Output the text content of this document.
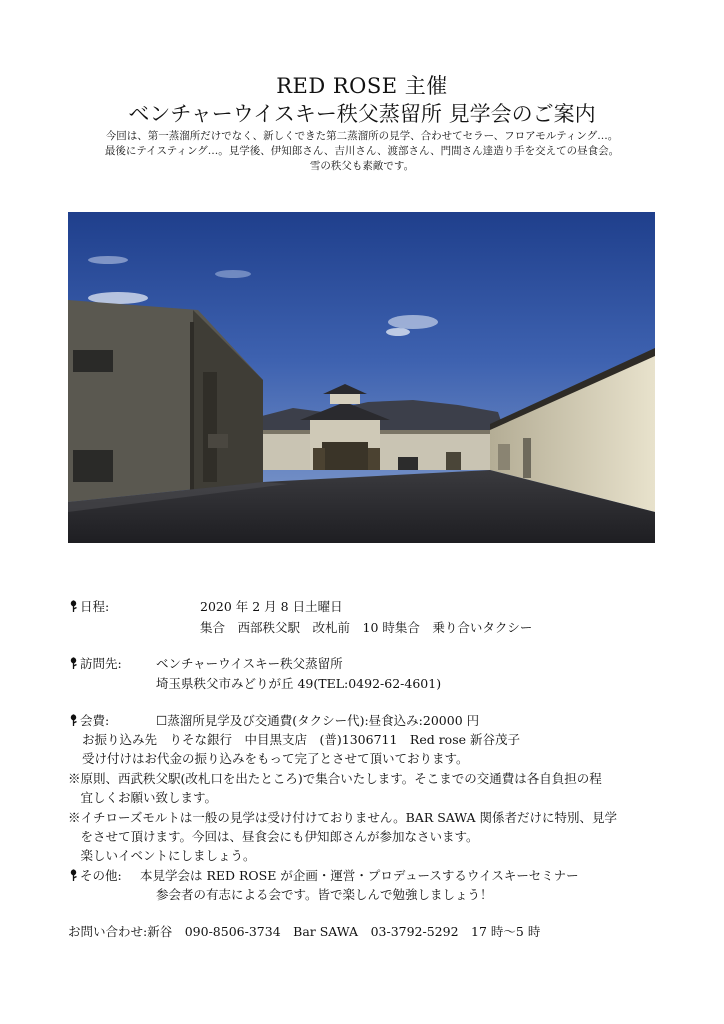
RED ROSE 主催
ベンチャーウイスキー秩父蒸留所 見学会のご案内
今回は、第一蒸溜所だけでなく、新しくできた第二蒸溜所の見学、合わせてセラー、フロアモルティング…。
最後にテイスティング…。見学後、伊知郎さん、吉川さん、渡部さん、門間さん達造り手を交えての昼食会。
雪の秩父も素敵です。
日程:	2020 年 2 月 8 日土曜日
集合　西部秩父駅　改札前　10 時集合　乗り合いタクシー
訪問先:	ベンチャーウイスキー秩父蒸留所
埼玉県秩父市みどりが丘 49(TEL:0492-62-4601)
会費:	☐蒸溜所見学及び交通費(タクシー代):昼食込み:20000 円
お振り込み先　りそな銀行　中目黒支店　(普)1306711　Red rose 新谷茂子
受け付けはお代金の振り込みをもって完了とさせて頂いております。
※原則、西武秩父駅(改札口を出たところ)で集合いたします。そこまでの交通費は各自負担の程
　宜しくお願い致します。
※イチローズモルトは一般の見学は受け付けておりません。BAR SAWA 関係者だけに特別、見学
　をさせて頂けます。今回は、昼食会にも伊知郎さんが参加なさいます。
　楽しいイベントにしましょう。
その他: 本見学会は RED ROSE が企画・運営・プロデュースするウイスキーセミナー
参会者の有志による会です。皆で楽しんで勉強しましょう！
お問い合わせ:新谷　090-8506-3734　Bar SAWA　03-3792-5292　17 時～5 時
